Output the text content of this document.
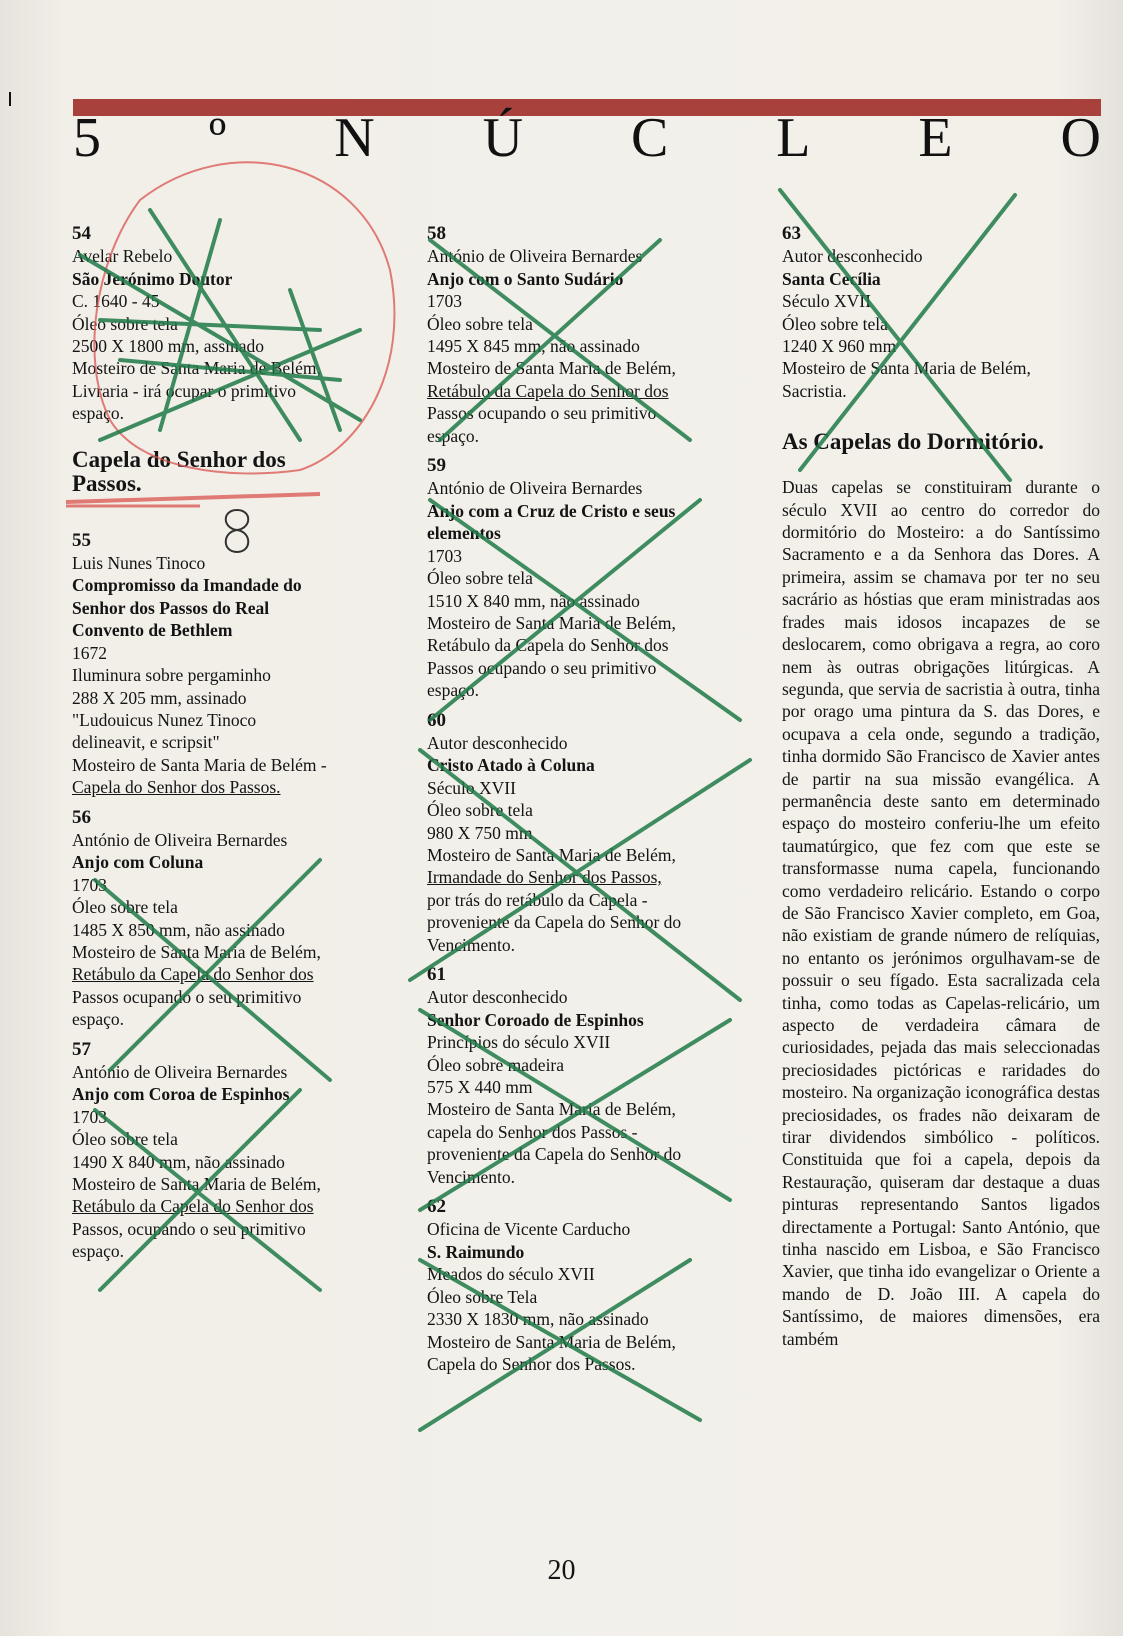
5 º N Ú C L E O
54
Avelar Rebelo
São Jerónimo Doutor
C. 1640 - 45
Óleo sobre tela
2500 X 1800 mm, assinado
Mosteiro de Santa Maria de Belém,
Livraria - irá ocupar o primitivo
espaço.
Capela do Senhor dos
Passos.
55
Luis Nunes Tinoco
Compromisso da Imandade do
Senhor dos Passos do Real
Convento de Bethlem
1672
Iluminura sobre pergaminho
288 X 205 mm, assinado
"Ludouicus Nunez Tinoco
delineavit, e scripsit"
Mosteiro de Santa Maria de Belém -
Capela do Senhor dos Passos.
56
António de Oliveira Bernardes
Anjo com Coluna
1703
Óleo sobre tela
1485 X 850 mm, não assinado
Mosteiro de Santa Maria de Belém,
Retábulo da Capela do Senhor dos
Passos ocupando o seu primitivo
espaço.
57
António de Oliveira Bernardes
Anjo com Coroa de Espinhos
1703
Óleo sobre tela
1490 X 840 mm, não assinado
Mosteiro de Santa Maria de Belém,
Retábulo da Capela do Senhor dos
Passos, ocupando o seu primitivo
espaço.
58
António de Oliveira Bernardes
Anjo com o Santo Sudário
1703
Óleo sobre tela
1495 X 845 mm, não assinado
Mosteiro de Santa Maria de Belém,
Retábulo da Capela do Senhor dos
Passos ocupando o seu primitivo
espaço.
59
António de Oliveira Bernardes
Anjo com a Cruz de Cristo e seus
elementos
1703
Óleo sobre tela
1510 X 840 mm, não assinado
Mosteiro de Santa Maria de Belém,
Retábulo da Capela do Senhor dos
Passos ocupando o seu primitivo
espaço.
60
Autor desconhecido
Cristo Atado à Coluna
Século XVII
Óleo sobre tela
980 X 750 mm
Mosteiro de Santa Maria de Belém,
Irmandade do Senhor dos Passos,
por trás do retábulo da Capela -
proveniente da Capela do Senhor do
Vencimento.
61
Autor desconhecido
Senhor Coroado de Espinhos
Princípios do século XVII
Óleo sobre madeira
575 X 440 mm
Mosteiro de Santa Maria de Belém,
capela do Senhor dos Passos -
proveniente da Capela do Senhor do
Vencimento.
62
Oficina de Vicente Carducho
S. Raimundo
Meados do século XVII
Óleo sobre Tela
2330 X 1830 mm, não assinado
Mosteiro de Santa Maria de Belém,
Capela do Senhor dos Passos.
63
Autor desconhecido
Santa Cecília
Século XVII
Óleo sobre tela
1240 X 960 mm
Mosteiro de Santa Maria de Belém,
Sacristia.
As Capelas do Dormitório.
Duas capelas se constituiram durante o século XVII ao centro do corredor do dormitório do Mosteiro: a do Santíssimo Sacramento e a da Senhora das Dores. A primeira, assim se chamava por ter no seu sacrário as hóstias que eram ministradas aos frades mais idosos incapazes de se deslocarem, como obrigava a regra, ao coro nem às outras obrigações litúrgicas. A segunda, que servia de sacristia à outra, tinha por orago uma pintura da S. das Dores, e ocupava a cela onde, segundo a tradição, tinha dormido São Francisco de Xavier antes de partir na sua missão evangélica. A permanência deste santo em determinado espaço do mosteiro conferiu-lhe um efeito taumatúrgico, que fez com que este se transformasse numa capela, funcionando como verdadeiro relicário. Estando o corpo de São Francisco Xavier completo, em Goa, não existiam de grande número de relíquias, no entanto os jerónimos orgulhavam-se de possuir o seu fígado. Esta sacralizada cela tinha, como todas as Capelas-relicário, um aspecto de verdadeira câmara de curiosidades, pejada das mais seleccionadas preciosidades pictóricas e raridades do mosteiro. Na organização iconográfica destas preciosidades, os frades não deixaram de tirar dividendos simbólico - políticos. Constituida que foi a capela, depois da Restauração, quiseram dar destaque a duas pinturas representando Santos ligados directamente a Portugal: Santo António, que tinha nascido em Lisboa, e São Francisco Xavier, que tinha ido evangelizar o Oriente a mando de D. João III. A capela do Santíssimo, de maiores dimensões, era também
20
